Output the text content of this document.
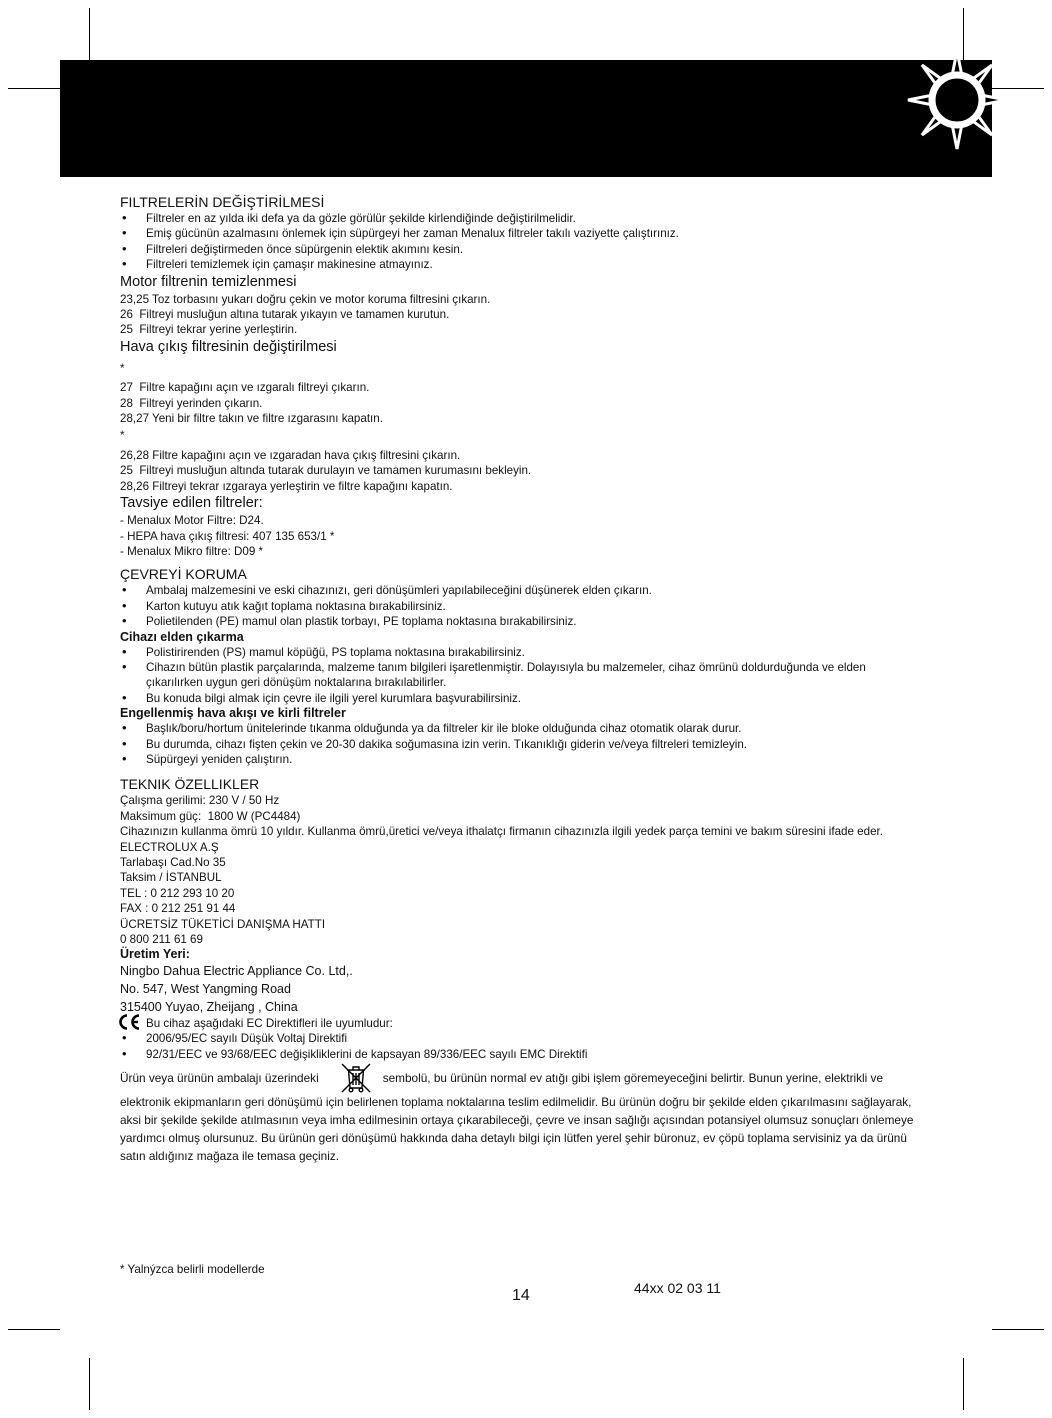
FILTRELERİN DEĞİŞTİRİLMESİ
• Filtreler en az yılda iki defa ya da gözle görülür şekilde kirlendiğinde değiştirilmelidir.
• Emiş gücünün azalmasını önlemek için süpürgeyi her zaman Menalux filtreler takılı vaziyette çalıştırınız.
• Filtreleri değiştirmeden önce süpürgenin elektik akımını kesin.
• Filtreleri temizlemek için çamaşır makinesine atmayınız.
Motor filtrenin temizlenmesi
23,25 Toz torbasını yukarı doğru çekin ve motor koruma filtresini çıkarın.
26  Filtreyi musluğun altına tutarak yıkayın ve tamamen kurutun.
25  Filtreyi tekrar yerine yerleştirin.
Hava çıkış filtresinin değiştirilmesi
*
27  Filtre kapağını açın ve ızgaralı filtreyi çıkarın.
28  Filtreyi yerinden çıkarın.
28,27 Yeni bir filtre takın ve filtre ızgarasını kapatın.
*
26,28 Filtre kapağını açın ve ızgaradan hava çıkış filtresini çıkarın.
25  Filtreyi musluğun altında tutarak durulayın ve tamamen kurumasını bekleyin.
28,26 Filtreyi tekrar ızgaraya yerleştirin ve filtre kapağını kapatın.
Tavsiye edilen filtreler:
- Menalux Motor Filtre: D24.
- HEPA hava çıkış filtresi: 407 135 653/1 *
- Menalux Mikro filtre: D09 *
ÇEVREYİ KORUMA
• Ambalaj malzemesini ve eski cihazınızı, geri dönüşümleri yapılabileceğini düşünerek elden çıkarın.
• Karton kutuyu atık kağıt toplama noktasına bırakabilirsiniz.
• Polietilenden (PE) mamul olan plastik torbayı, PE toplama noktasına bırakabilirsiniz.
Cihazı elden çıkarma
• Polistirirenden (PS) mamul köpüğü, PS toplama noktasına bırakabilirsiniz.
• Cihazın bütün plastik parçalarında, malzeme tanım bilgileri işaretlenmiştir. Dolayısıyla bu malzemeler, cihaz ömrünü doldurduğunda ve elden çıkarılırken uygun geri dönüşüm noktalarına bırakılabilirler.
• Bu konuda bilgi almak için çevre ile ilgili yerel kurumlara başvurabilirsiniz.
Engellenmiş hava akışı ve kirli filtreler
• Başlık/boru/hortum ünitelerinde tıkanma olduğunda ya da filtreler kir ile bloke olduğunda cihaz otomatik olarak durur.
• Bu durumda, cihazı fişten çekin ve 20-30 dakika soğumasına izin verin. Tıkanıklığı giderin ve/veya filtreleri temizleyin.
• Süpürgeyi yeniden çalıştırın.
TEKNIK ÖZELLIKLER
Çalışma gerilimi: 230 V / 50 Hz
Maksimum güç:  1800 W (PC4484)
Cihazınızın kullanma ömrü 10 yıldır. Kullanma ömrü,üretici ve/veya ithalatçı firmanın cihazınızla ilgili yedek parça temini ve bakım süresini ifade eder.
ELECTROLUX A.Ş
Tarlabaşı Cad.No 35
Taksim / İSTANBUL
TEL : 0 212 293 10 20
FAX : 0 212 251 91 44
ÜCRETSİZ TÜKETİCİ DANIŞMA HATTI
0 800 211 61 69
Üretim Yeri:
Ningbo Dahua Electric Appliance Co. Ltd,.
No. 547, West Yangming Road
315400 Yuyao, Zheijang , China
Bu cihaz aşağıdaki EC Direktifleri ile uyumludur:
• 2006/95/EC sayılı Düşük Voltaj Direktifi
• 92/31/EEC ve 93/68/EEC değişikliklerini de kapsayan 89/336/EEC sayılı EMC Direktifi
Ürün veya ürünün ambalajı üzerindeki	sembolü, bu ürünün normal ev atığı gibi işlem göremeyeceğini belirtir. Bunun yerine, elektrikli ve elektronik ekipmanların geri dönüşümü için belirlenen toplama noktalarına teslim edilmelidir. Bu ürünün doğru bir şekilde elden çıkarılmasını sağlayarak, aksi bir şekilde şekilde atılmasının veya imha edilmesinin ortaya çıkarabileceği, çevre ve insan sağlığı açısından potansiyel olumsuz sonuçları önlemeye yardımcı olmuş olursunuz. Bu ürünün geri dönüşümü hakkında daha detaylı bilgi için lütfen yerel şehir büronuz, ev çöpü toplama servisiniz ya da ürünü satın aldığınız mağaza ile temasa geçiniz.
* Yalnýzca belirli modellerde
14	44xx 02 03 11
